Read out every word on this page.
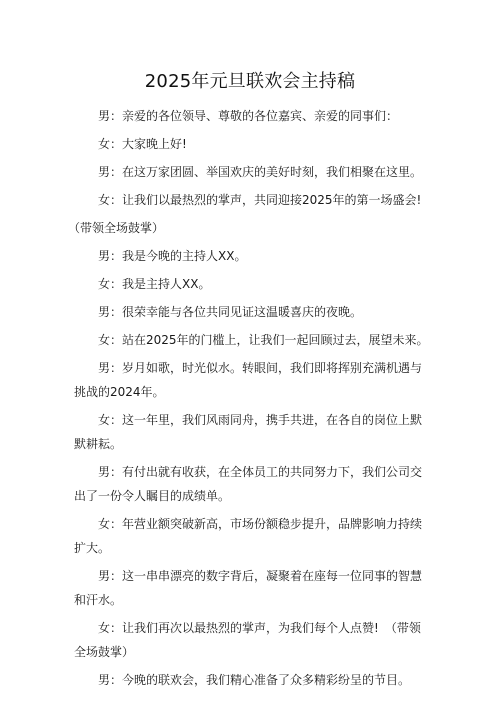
2025年元旦联欢会主持稿

男：亲爱的各位领导、尊敬的各位嘉宾、亲爱的同事们：

女：大家晚上好!

男：在这万家团圆、举国欢庆的美好时刻，我们相聚在这里。

女：让我们以最热烈的掌声，共同迎接2025年的第一场盛会!

（带领全场鼓掌）

男：我是今晚的主持人XX。

女：我是主持人XX。

男：很荣幸能与各位共同见证这温暖喜庆的夜晚。

女：站在2025年的门槛上，让我们一起回顾过去，展望未来。

男：岁月如歌，时光似水。转眼间，我们即将挥别充满机遇与挑战的2024年。

女：这一年里，我们风雨同舟，携手共进，在各自的岗位上默默耕耘。

男：有付出就有收获，在全体员工的共同努力下，我们公司交出了一份令人瞩目的成绩单。

女：年营业额突破新高，市场份额稳步提升，品牌影响力持续扩大。

男：这一串串漂亮的数字背后，凝聚着在座每一位同事的智慧和汗水。

女：让我们再次以最热烈的掌声，为我们每个人点赞!　（带领全场鼓掌）

男：今晚的联欢会，我们精心准备了众多精彩纷呈的节目。
